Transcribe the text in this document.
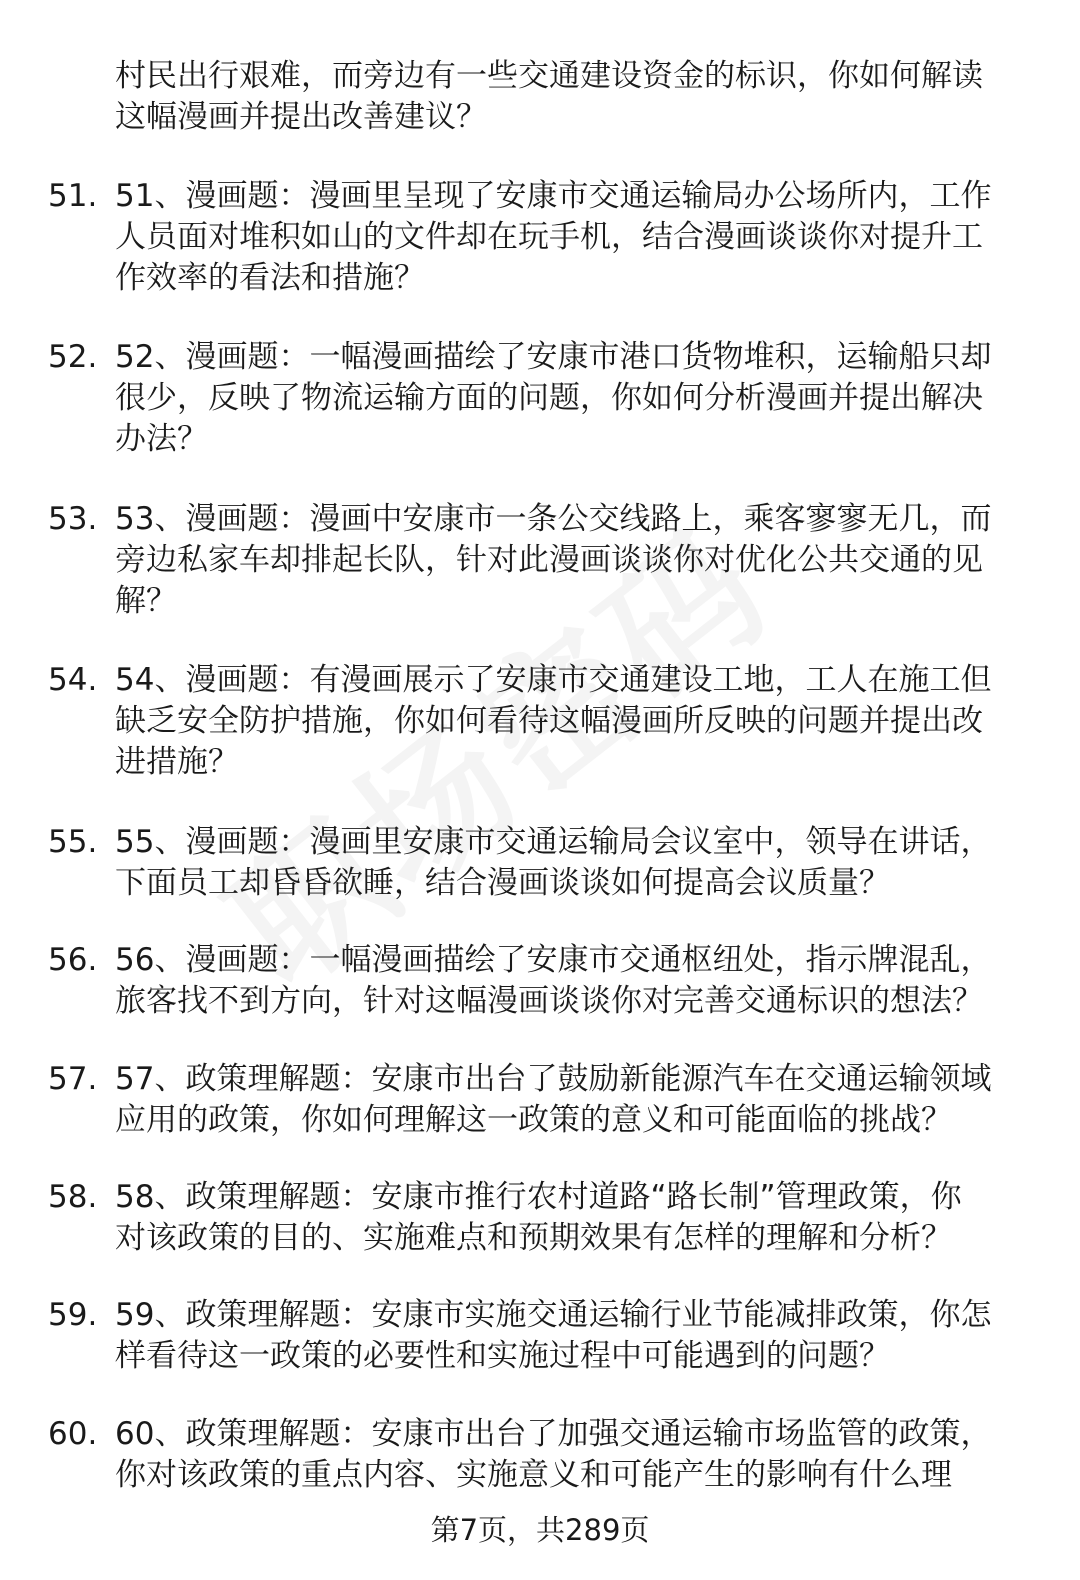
村民出行艰难，而旁边有一些交通建设资金的标识，你如何解读
这幅漫画并提出改善建议？
51. 51、漫画题：漫画里呈现了安康市交通运输局办公场所内，工作
人员面对堆积如山的文件却在玩手机，结合漫画谈谈你对提升工
作效率的看法和措施？
52. 52、漫画题：一幅漫画描绘了安康市港口货物堆积，运输船只却
很少，反映了物流运输方面的问题，你如何分析漫画并提出解决
办法？
53. 53、漫画题：漫画中安康市一条公交线路上，乘客寥寥无几，而
旁边私家车却排起长队，针对此漫画谈谈你对优化公共交通的见
解？
54. 54、漫画题：有漫画展示了安康市交通建设工地，工人在施工但
缺乏安全防护措施，你如何看待这幅漫画所反映的问题并提出改
进措施？
55. 55、漫画题：漫画里安康市交通运输局会议室中，领导在讲话，
下面员工却昏昏欲睡，结合漫画谈谈如何提高会议质量？
56. 56、漫画题：一幅漫画描绘了安康市交通枢纽处，指示牌混乱，
旅客找不到方向，针对这幅漫画谈谈你对完善交通标识的想法？
57. 57、政策理解题：安康市出台了鼓励新能源汽车在交通运输领域
应用的政策，你如何理解这一政策的意义和可能面临的挑战？
58. 58、政策理解题：安康市推行农村道路“路长制”管理政策，你
对该政策的目的、实施难点和预期效果有怎样的理解和分析？
59. 59、政策理解题：安康市实施交通运输行业节能减排政策，你怎
样看待这一政策的必要性和实施过程中可能遇到的问题？
60. 60、政策理解题：安康市出台了加强交通运输市场监管的政策，
你对该政策的重点内容、实施意义和可能产生的影响有什么理
第7页，共289页
